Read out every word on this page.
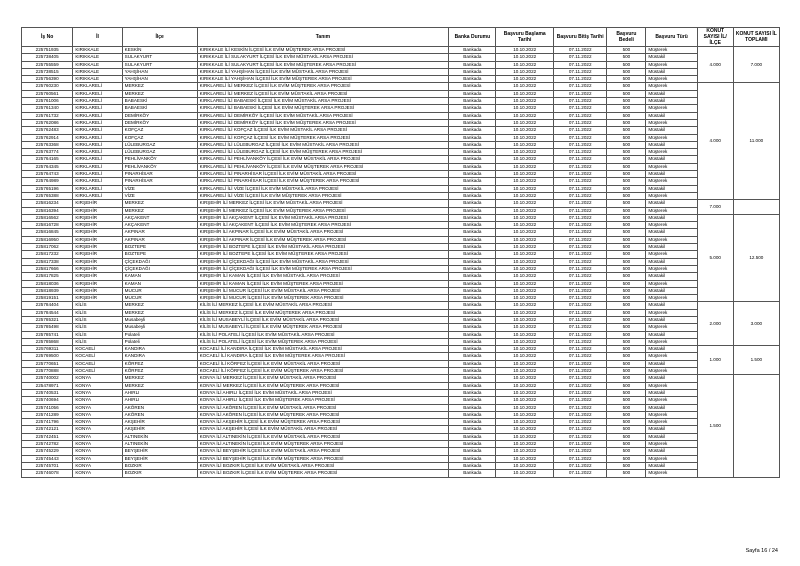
İş No	İl	İlçe	Tanım	Banka Durumu	Başvuru Başlama Tarihi	Başvuru Bitiş Tarihi	Başvuru Bedeli	Başvuru Türü	KONUT SAYISI İL/İLÇE	KONUT SAYISI İL TOPLAMI
225751935	KIRIKKALE	KESKİN	KIRIKKALE İLİ KESKİN İLÇESİ İLK EVİM MÜŞTEREK ARSA PROJESİ	Bankada	10.10.2022	07.11.2022	500	Müşterek	4.000	7.000
225738405	KIRIKKALE	SULAKYURT	KIRIKKALE İLİ SULAKYURT İLÇESİ İLK EVİM MÜSTAKİL ARSA PROJESİ	Bankada	10.10.2022	07.11.2022	500	Müstakil		
225755559	KIRIKKALE	SULAKYURT	KIRIKKALE İLİ SULAKYURT İLÇESİ İLK EVİM MÜŞTEREK ARSA PROJESİ	Bankada	10.10.2022	07.11.2022	500	Müşterek		
225738515	KIRIKKALE	YAHŞİHAN	KIRIKKALE İLİ YAHŞİHAN İLÇESİ İLK EVİM MÜSTAKİL ARSA PROJESİ	Bankada	10.10.2022	07.11.2022	500	Müstakil		
225756390	KIRIKKALE	YAHŞİHAN	KIRIKKALE İLİ YAHŞİHAN İLÇESİ İLK EVİM MÜŞTEREK ARSA PROJESİ	Bankada	10.10.2022	07.11.2022	500	Müşterek		
225760230	KIRKLARELİ	MERKEZ	KIRKLARELİ İLİ MERKEZ İLÇESİ İLK EVİM MÜŞTEREK ARSA PROJESİ	Bankada	10.10.2022	07.11.2022	500	Müşterek	4.000	11.000
225760561	KIRKLARELİ	MERKEZ	KIRKLARELİ İLİ MERKEZ İLÇESİ İLK EVİM MÜSTAKİL ARSA PROJESİ	Bankada	10.10.2022	07.11.2022	500	Müstakil		
225761006	KIRKLARELİ	BABAESKİ	KIRKLARELİ İLİ BABAESKİ İLÇESİ İLK EVİM MÜSTAKİL ARSA PROJESİ	Bankada	10.10.2022	07.11.2022	500	Müstakil		
225761340	KIRKLARELİ	BABAESKİ	KIRKLARELİ İLİ BABAESKİ İLÇESİ İLK EVİM MÜŞTEREK ARSA PROJESİ	Bankada	10.10.2022	07.11.2022	500	Müşterek		
225761732	KIRKLARELİ	DEMİRKÖY	KIRKLARELİ İLİ DEMİRKÖY İLÇESİ İLK EVİM MÜSTAKİL ARSA PROJESİ	Bankada	10.10.2022	07.11.2022	500	Müstakil		
225762086	KIRKLARELİ	DEMİRKÖY	KIRKLARELİ İLİ DEMİRKÖY İLÇESİ İLK EVİM MÜŞTEREK ARSA PROJESİ	Bankada	10.10.2022	07.11.2022	500	Müşterek		
225762483	KIRKLARELİ	KOFÇAZ	KIRKLARELİ İLİ KOFÇAZ İLÇESİ İLK EVİM MÜSTAKİL ARSA PROJESİ	Bankada	10.10.2022	07.11.2022	500	Müstakil		
225762914	KIRKLARELİ	KOFÇAZ	KIRKLARELİ İLİ KOFÇAZ İLÇESİ İLK EVİM MÜŞTEREK ARSA PROJESİ	Bankada	10.10.2022	07.11.2022	500	Müşterek		
225763368	KIRKLARELİ	LÜLEBURGAZ	KIRKLARELİ İLİ LÜLEBURGAZ İLÇESİ İLK EVİM MÜSTAKİL ARSA PROJESİ	Bankada	10.10.2022	07.11.2022	500	Müstakil		
225763774	KIRKLARELİ	LÜLEBURGAZ	KIRKLARELİ İLİ LÜLEBURGAZ İLÇESİ İLK EVİM MÜŞTEREK ARSA PROJESİ	Bankada	10.10.2022	07.11.2022	500	Müşterek		
225764165	KIRKLARELİ	PEHLİVANKÖY	KIRKLARELİ İLİ PEHLİVANKÖY İLÇESİ İLK EVİM MÜSTAKİL ARSA PROJESİ	Bankada	10.10.2022	07.11.2022	500	Müstakil		
225764345	KIRKLARELİ	PEHLİVANKÖY	KIRKLARELİ İLİ PEHLİVANKÖY İLÇESİ İLK EVİM MÜŞTEREK ARSA PROJESİ	Bankada	10.10.2022	07.11.2022	500	Müşterek		
225764743	KIRKLARELİ	PINARHİSAR	KIRKLARELİ İLİ PINARHİSAR İLÇESİ İLK EVİM MÜSTAKİL ARSA PROJESİ	Bankada	10.10.2022	07.11.2022	500	Müstakil		
225764989	KIRKLARELİ	PINARHİSAR	KIRKLARELİ İLİ PINARHİSAR İLÇESİ İLK EVİM MÜŞTEREK ARSA PROJESİ	Bankada	10.10.2022	07.11.2022	500	Müşterek		
225765196	KIRKLARELİ	VİZE	KIRKLARELİ İLİ VİZE İLÇESİ İLK EVİM MÜSTAKİL ARSA PROJESİ	Bankada	10.10.2022	07.11.2022	500	Müstakil		
225765388	KIRKLARELİ	VİZE	KIRKLARELİ İLİ VİZE İLÇESİ İLK EVİM MÜŞTEREK ARSA PROJESİ	Bankada	10.10.2022	07.11.2022	500	Müşterek		
225816234	KIRŞEHİR	MERKEZ	KIRŞEHİR İLİ MERKEZ İLÇESİ İLK EVİM MÜSTAKİL ARSA PROJESİ	Bankada	10.10.2022	07.11.2022	500	Müstakil	7.000	
225816394	KIRŞEHİR	MERKEZ	KIRŞEHİR İLİ MERKEZ İLÇESİ İLK EVİM MÜŞTEREK ARSA PROJESİ	Bankada	10.10.2022	07.11.2022	500	Müşterek		
225816562	KIRŞEHİR	AKÇAKENT	KIRŞEHİR İLİ AKÇAKENT İLÇESİ İLK EVİM MÜSTAKİL ARSA PROJESİ	Bankada	10.10.2022	07.11.2022	500	Müstakil	5.000	12.500
225816728	KIRŞEHİR	AKÇAKENT	KIRŞEHİR İLİ AKÇAKENT İLÇESİ İLK EVİM MÜŞTEREK ARSA PROJESİ	Bankada	10.10.2022	07.11.2022	500	Müşterek		
225816845	KIRŞEHİR	AKPINAR	KIRŞEHİR İLİ AKPINAR İLÇESİ İLK EVİM MÜSTAKİL ARSA PROJESİ	Bankada	10.10.2022	07.11.2022	500	Müstakil		
225816950	KIRŞEHİR	AKPINAR	KIRŞEHİR İLİ AKPINAR İLÇESİ İLK EVİM MÜŞTEREK ARSA PROJESİ	Bankada	10.10.2022	07.11.2022	500	Müşterek		
225817062	KIRŞEHİR	BOZTEPE	KIRŞEHİR İLİ BOZTEPE İLÇESİ İLK EVİM MÜSTAKİL ARSA PROJESİ	Bankada	10.10.2022	07.11.2022	500	Müstakil		
225817232	KIRŞEHİR	BOZTEPE	KIRŞEHİR İLİ BOZTEPE İLÇESİ İLK EVİM MÜŞTEREK ARSA PROJESİ	Bankada	10.10.2022	07.11.2022	500	Müşterek		
225817338	KIRŞEHİR	ÇİÇEKDAĞI	KIRŞEHİR İLİ ÇİÇEKDAĞI İLÇESİ İLK EVİM MÜSTAKİL ARSA PROJESİ	Bankada	10.10.2022	07.11.2022	500	Müstakil		
225817666	KIRŞEHİR	ÇİÇEKDAĞI	KIRŞEHİR İLİ ÇİÇEKDAĞI İLÇESİ İLK EVİM MÜŞTEREK ARSA PROJESİ	Bankada	10.10.2022	07.11.2022	500	Müşterek		
225817825	KIRŞEHİR	KAMAN	KIRŞEHİR İLİ KAMAN İLÇESİ İLK EVİM MÜSTAKİL ARSA PROJESİ	Bankada	10.10.2022	07.11.2022	500	Müstakil		
225818036	KIRŞEHİR	KAMAN	KIRŞEHİR İLİ KAMAN İLÇESİ İLK EVİM MÜŞTEREK ARSA PROJESİ	Bankada	10.10.2022	07.11.2022	500	Müşterek		
225818939	KIRŞEHİR	MUCUR	KIRŞEHİR İLİ MUCUR İLÇESİ İLK EVİM MÜSTAKİL ARSA PROJESİ	Bankada	10.10.2022	07.11.2022	500	Müstakil		
225819151	KIRŞEHİR	MUCUR	KIRŞEHİR İLİ MUCUR İLÇESİ İLK EVİM MÜŞTEREK ARSA PROJESİ	Bankada	10.10.2022	07.11.2022	500	Müşterek		
225784404	KİLİS	MERKEZ	KİLİS İLİ MERKEZ İLÇESİ İLK EVİM MÜSTAKİL ARSA PROJESİ	Bankada	10.10.2022	07.11.2022	500	Müstakil	2.000	3.000
225784544	KİLİS	MERKEZ	KİLİS İLİ MERKEZ İLÇESİ İLK EVİM MÜŞTEREK ARSA PROJESİ	Bankada	10.10.2022	07.11.2022	500	Müşterek		
225785321	KİLİS	Musabeyli	KİLİS İLİ MUSABEYLİ İLÇESİ İLK EVİM MÜSTAKİL ARSA PROJESİ	Bankada	10.10.2022	07.11.2022	500	Müstakil		
225785498	KİLİS	Musabeyli	KİLİS İLİ MUSABEYLİ İLÇESİ İLK EVİM MÜŞTEREK ARSA PROJESİ	Bankada	10.10.2022	07.11.2022	500	Müşterek		
225785741	KİLİS	Polateli	KİLİS İLİ POLATELİ İLÇESİ İLK EVİM MÜSTAKİL ARSA PROJESİ	Bankada	10.10.2022	07.11.2022	500	Müstakil		
225785868	KİLİS	Polateli	KİLİS İLİ POLATELİ İLÇESİ İLK EVİM MÜŞTEREK ARSA PROJESİ	Bankada	10.10.2022	07.11.2022	500	Müşterek		
225769311	KOCAELİ	KANDIRA	KOCAELİ İLİ KANDIRA İLÇESİ İLK EVİM MÜSTAKİL ARSA PROJESİ	Bankada	10.10.2022	07.11.2022	500	Müstakil	1.000	1.500
225769500	KOCAELİ	KANDIRA	KOCAELİ İLİ KANDIRA İLÇESİ İLK EVİM MÜŞTEREK ARSA PROJESİ	Bankada	10.10.2022	07.11.2022	500	Müşterek		
225770651	KOCAELİ	KÖRFEZ	KOCAELİ İLİ KÖRFEZ İLÇESİ İLK EVİM MÜSTAKİL ARSA PROJESİ	Bankada	10.10.2022	07.11.2022	500	Müstakil		
225770888	KOCAELİ	KÖRFEZ	KOCAELİ İLİ KÖRFEZ İLÇESİ İLK EVİM MÜŞTEREK ARSA PROJESİ	Bankada	10.10.2022	07.11.2022	500	Müşterek		
225740002	KONYA	MERKEZ	KONYA İLİ MERKEZ İLÇESİ İLK EVİM MÜSTAKİL ARSA PROJESİ	Bankada	10.10.2022	07.11.2022	500	Müstakil	1.500	
225478971	KONYA	MERKEZ	KONYA İLİ MERKEZ İLÇESİ İLK EVİM MÜŞTEREK ARSA PROJESİ	Bankada	10.10.2022	07.11.2022	500	Müşterek		
225740531	KONYA	AHIRLI	KONYA İLİ AHIRLI İLÇESİ İLK EVİM MÜSTAKİL ARSA PROJESİ	Bankada	10.10.2022	07.11.2022	500	Müstakil		
225740694	KONYA	AHIRLI	KONYA İLİ AHIRLI İLÇESİ İLK EVİM MÜŞTEREK ARSA PROJESİ	Bankada	10.10.2022	07.11.2022	500	Müşterek		
225741056	KONYA	AKÖREN	KONYA İLİ AKÖREN İLÇESİ İLK EVİM MÜSTAKİL ARSA PROJESİ	Bankada	10.10.2022	07.11.2022	500	Müstakil		
225741289	KONYA	AKÖREN	KONYA İLİ AKÖREN İLÇESİ İLK EVİM MÜŞTEREK ARSA PROJESİ	Bankada	10.10.2022	07.11.2022	500	Müşterek		
225741796	KONYA	AKŞEHİR	KONYA İLİ AKŞEHİR İLÇESİ İLK EVİM MÜŞTEREK ARSA PROJESİ	Bankada	10.10.2022	07.11.2022	500	Müşterek		
225742121	KONYA	AKŞEHİR	KONYA İLİ AKŞEHİR İLÇESİ İLK EVİM MÜSTAKİL ARSA PROJESİ	Bankada	10.10.2022	07.11.2022	500	Müstakil		
225742451	KONYA	ALTINEKİN	KONYA İLİ ALTINEKİN İLÇESİ İLK EVİM MÜSTAKİL ARSA PROJESİ	Bankada	10.10.2022	07.11.2022	500	Müstakil		
225742782	KONYA	ALTINEKİN	KONYA İLİ ALTINEKİN İLÇESİ İLK EVİM MÜŞTEREK ARSA PROJESİ	Bankada	10.10.2022	07.11.2022	500	Müşterek		
225745229	KONYA	BEYŞEHİR	KONYA İLİ BEYŞEHİR İLÇESİ İLK EVİM MÜSTAKİL ARSA PROJESİ	Bankada	10.10.2022	07.11.2022	500	Müstakil		
225745443	KONYA	BEYŞEHİR	KONYA İLİ BEYŞEHİR İLÇESİ İLK EVİM MÜŞTEREK ARSA PROJESİ	Bankada	10.10.2022	07.11.2022	500	Müşterek		
225745701	KONYA	BOZKIR	KONYA İLİ BOZKIR İLÇESİ İLK EVİM MÜSTAKİL ARSA PROJESİ	Bankada	10.10.2022	07.11.2022	500	Müstakil		
225746078	KONYA	BOZKIR	KONYA İLİ BOZKIR İLÇESİ İLK EVİM MÜŞTEREK ARSA PROJESİ	Bankada	10.10.2022	07.11.2022	500	Müşterek		
Sayfa 16 / 24
